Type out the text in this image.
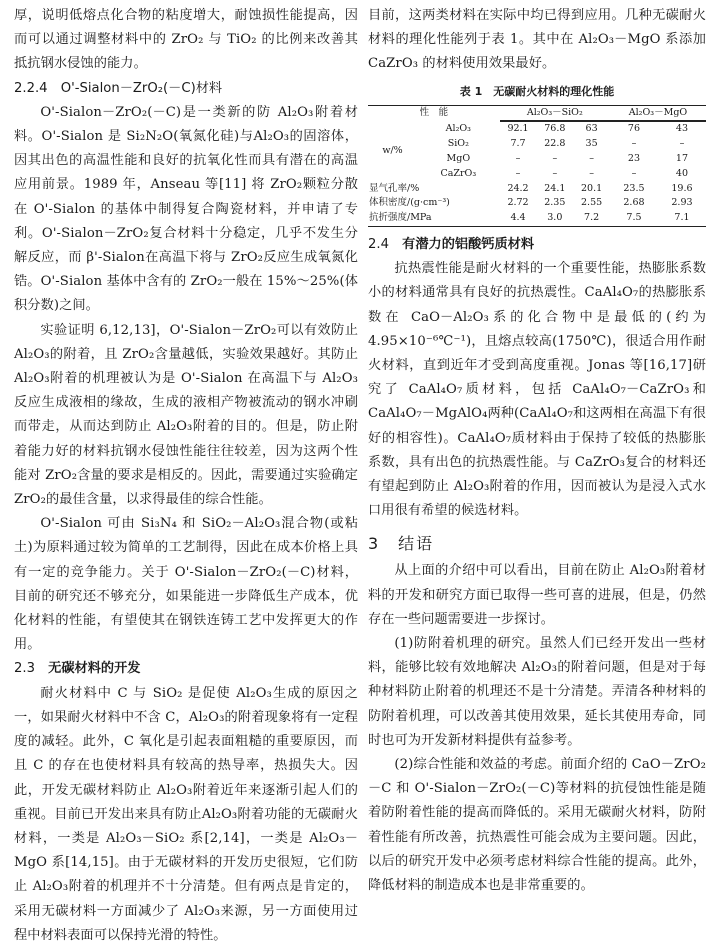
厚，说明低熔点化合物的粘度增大，耐蚀损性能提高，因而可以通过调整材料中的 ZrO₂ 与 TiO₂ 的比例来改善其抵抗钢水侵蚀的能力。

2.2.4　O'-Sialon－ZrO₂(－C)材料

O'-Sialon－ZrO₂(－C)是一类新的防 Al₂O₃附着材料。O'-Sialon 是 Si₂N₂O(氧氮化硅)与Al₂O₃的固溶体，因其出色的高温性能和良好的抗氧化性而具有潜在的高温应用前景。1989 年，Anseau 等[11] 将 ZrO₂颗粒分散在 O'-Sialon 的基体中制得复合陶瓷材料，并申请了专利。O'-Sialon－ZrO₂复合材料十分稳定，几乎不发生分解反应，而 β'-Sialon在高温下将与 ZrO₂反应生成氧氮化锆。O'-Sialon 基体中含有的 ZrO₂一般在 15%～25%(体积分数)之间。

实验证明 6,12,13]，O'-Sialon－ZrO₂可以有效防止 Al₂O₃的附着，且 ZrO₂含量越低，实验效果越好。其防止 Al₂O₃附着的机理被认为是 O'-Sialon 在高温下与 Al₂O₃反应生成液相的缘故，生成的液相产物被流动的钢水冲刷而带走，从而达到防止 Al₂O₃附着的目的。但是，防止附着能力好的材料抗钢水侵蚀性能往往较差，因为这两个性能对 ZrO₂含量的要求是相反的。因此，需要通过实验确定 ZrO₂的最佳含量，以求得最佳的综合性能。

O'-Sialon 可由 Si₃N₄ 和 SiO₂－Al₂O₃混合物(或粘土)为原料通过较为简单的工艺制得，因此在成本价格上具有一定的竞争能力。关于 O'-Sialon－ZrO₂(－C)材料，目前的研究还不够充分，如果能进一步降低生产成本，优化材料的性能，有望使其在钢铁连铸工艺中发挥更大的作用。

2.3　 无碳材料的开发

耐火材料中 C 与 SiO₂ 是促使 Al₂O₃生成的原因之一，如果耐火材料中不含 C，Al₂O₃的附着现象将有一定程度的减轻。此外，C 氧化是引起表面粗糙的重要原因，而且 C 的存在也使材料具有较高的热导率，热损失大。因此，开发无碳材料防止 Al₂O₃附着近年来逐渐引起人们的重视。目前已开发出来具有防止Al₂O₃附着功能的无碳耐火材料，一类是 Al₂O₃－SiO₂ 系[2,14]，一类是 Al₂O₃－MgO 系[14,15]。由于无碳材料的开发历史很短，它们防止 Al₂O₃附着的机理并不十分清楚。但有两点是肯定的，采用无碳材料一方面减少了 Al₂O₃来源，另一方面使用过程中材料表面可以保持光滑的特性。

目前，这两类材料在实际中均已得到应用。几种无碳耐火材料的理化性能列于表 1。其中在 Al₂O₃－MgO 系添加 CaZrO₃ 的材料使用效果最好。

表 1　无碳耐火材料的理化性能
性　能		Al₂O₃－SiO₂			Al₂O₃－MgO	

w/%	Al₂O₃	92.1	76.8	63	76	43
	SiO₂	7.7	22.8	35	–	–
	MgO	–	–	–	23	17
	CaZrO₃	–	–	–	–	40
显气孔率/%		24.2	24.1	20.1	23.5	19.6
体积密度/(g·cm⁻³)		2.72	2.35	2.55	2.68	2.93
抗折强度/MPa		4.4	3.0	7.2	7.5	7.1

2.4　 有潜力的铝酸钙质材料

抗热震性能是耐火材料的一个重要性能，热膨胀系数小的材料通常具有良好的抗热震性。CaAl₄O₇的热膨胀系数在 CaO－Al₂O₃系的化合物中是最低的(约为 4.95×10⁻⁶℃⁻¹)，且熔点较高(1750℃)，很适合用作耐火材料，直到近年才受到高度重视。Jonas 等[16,17]研究了 CaAl₄O₇质材料，包括 CaAl₄O₇－CaZrO₃和 CaAl₄O₇－MgAlO₄两种(CaAl₄O₇和这两相在高温下有很好的相容性)。CaAl₄O₇质材料由于保持了较低的热膨胀系数，具有出色的抗热震性能。与 CaZrO₃复合的材料还有望起到防止 Al₂O₃附着的作用，因而被认为是浸入式水口用很有希望的候选材料。

3　结语

从上面的介绍中可以看出，目前在防止 Al₂O₃附着材料的开发和研究方面已取得一些可喜的进展，但是，仍然存在一些问题需要进一步探讨。

(1)防附着机理的研究。虽然人们已经开发出一些材料，能够比较有效地解决 Al₂O₃的附着问题，但是对于每种材料防止附着的机理还不是十分清楚。弄清各种材料的防附着机理，可以改善其使用效果，延长其使用寿命，同时也可为开发新材料提供有益参考。

(2)综合性能和效益的考虑。前面介绍的 CaO－ZrO₂－C 和 O'-Sialon－ZrO₂(－C)等材料的抗侵蚀性能是随着防附着性能的提高而降低的。采用无碳耐火材料，防附着性能有所改善，抗热震性可能会成为主要问题。因此，以后的研究开发中必须考虑材料综合性能的提高。此外，降低材料的制造成本也是非常重要的。
